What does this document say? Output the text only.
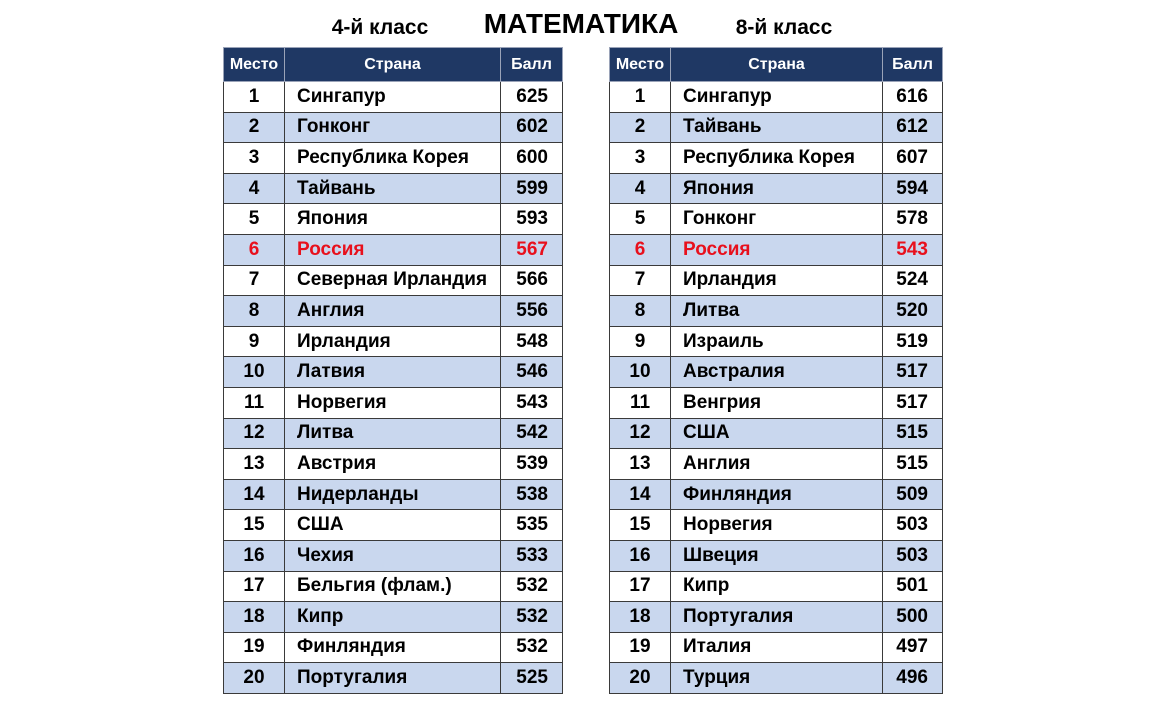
4-й класс	МАТЕМАТИКА	8-й класс
Место	Страна	Балл
1	Сингапур	625
2	Гонконг	602
3	Республика Корея	600
4	Тайвань	599
5	Япония	593
6	Россия	567
7	Северная Ирландия	566
8	Англия	556
9	Ирландия	548
10	Латвия	546
11	Норвегия	543
12	Литва	542
13	Австрия	539
14	Нидерланды	538
15	США	535
16	Чехия	533
17	Бельгия (флам.)	532
18	Кипр	532
19	Финляндия	532
20	Португалия	525
Место	Страна	Балл
1	Сингапур	616
2	Тайвань	612
3	Республика Корея	607
4	Япония	594
5	Гонконг	578
6	Россия	543
7	Ирландия	524
8	Литва	520
9	Израиль	519
10	Австралия	517
11	Венгрия	517
12	США	515
13	Англия	515
14	Финляндия	509
15	Норвегия	503
16	Швеция	503
17	Кипр	501
18	Португалия	500
19	Италия	497
20	Турция	496
